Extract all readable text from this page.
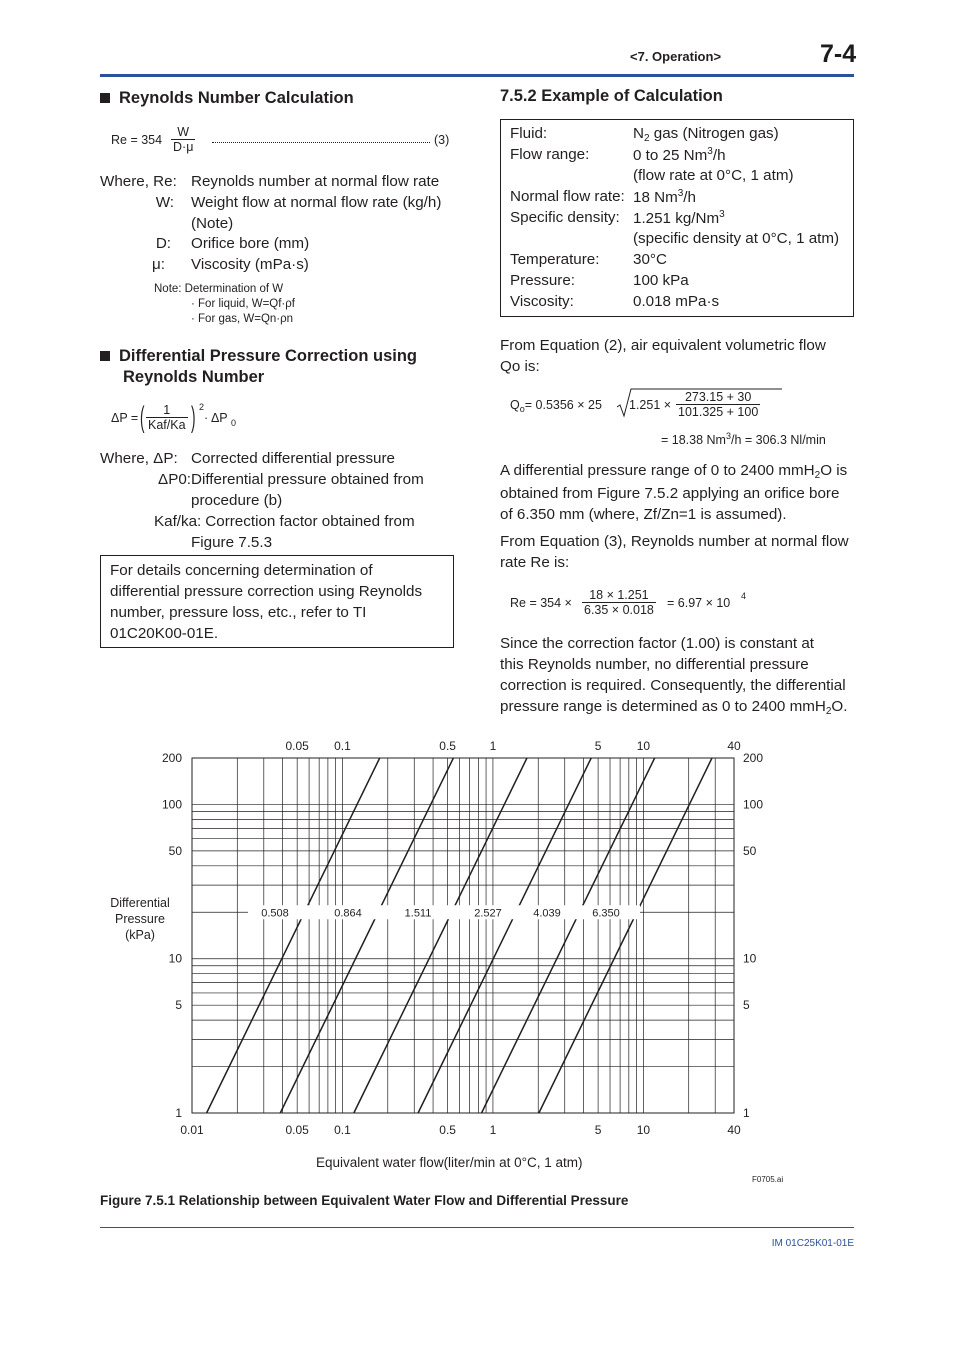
<7. Operation>	7-4
Reynolds Number Calculation
$Re = 354 \frac{W}{D\cdot\mu}$	(3)
Where, Re: Reynolds number at normal flow rate
W:	Weight flow at normal flow rate (kg/h)
(Note)
D:	Orifice bore (mm)
μ:	Viscosity (mPa·s)
Note: Determination of W
· For liquid, W=Qf·ρf
· For gas, W=Qn·ρn
Differential Pressure Correction using
Reynolds Number
ΔP = (	1
Kaf/Ka ) 2
· ΔP 0
Where, ΔP: Corrected differential pressure
ΔP0: Differential pressure obtained from
procedure (b)
Kaf/ka: Correction factor obtained from
Figure 7.5.3
For details concerning determination of
differential pressure correction using Reynolds
number, pressure loss, etc., refer to TI
01C20K00-01E.
7.5.2 Example of Calculation
Fluid:	N2 gas (Nitrogen gas)
Flow range:	0 to 25 Nm$^3$/h
(flow rate at 0°C, 1 atm)
Normal flow rate: 18 Nm$^3$/h
Specific density: 1.251 kg/Nm$^3$
(specific density at 0°C, 1 atm)
Temperature: 30°C
Pressure:	100 kPa
Viscosity:	0.018 mPa·s
From Equation (2), air equivalent volumetric flow
Qo is:
$Q_o= 0.5356 \times 25$ $1.251 \times \frac{273.15 + 30}{101.325 + 100}$
= 18.38 $Nm^3/h = 306.3$ Nl/min
A differential pressure range of 0 to 2400 mmH2O is
obtained from Figure 7.5.2 applying an orifice bore
of 6.350 mm (where, Zf/Zn=1 is assumed).
From Equation (3), Reynolds number at normal flow
rate Re is:
$Re = 354 \times \frac{18 \times 1.251}{6.35 \times 0.018} = 6.97 \times 10$ 4
Since the correction factor (1.00) is constant at
this Reynolds number, no differential pressure
correction is required. Consequently, the differential
pressure range is determined as 0 to 2400 mmH2O.
0.508	0.864	1.511	2.527	4.039	6.350
1	1
5	5
10	10
50	50
100	100
200	200
0.01	0.05 0.1	0.5	1	5	10	40
0.05 0.1	0.5	1	5	10	40
Differential
Pressure
(kPa)
Equivalent water flow(liter/min at 0°C, 1 atm)
F0705.ai
Figure 7.5.1 Relationship between Equivalent Water Flow and Differential Pressure
IM 01C25K01-01E
